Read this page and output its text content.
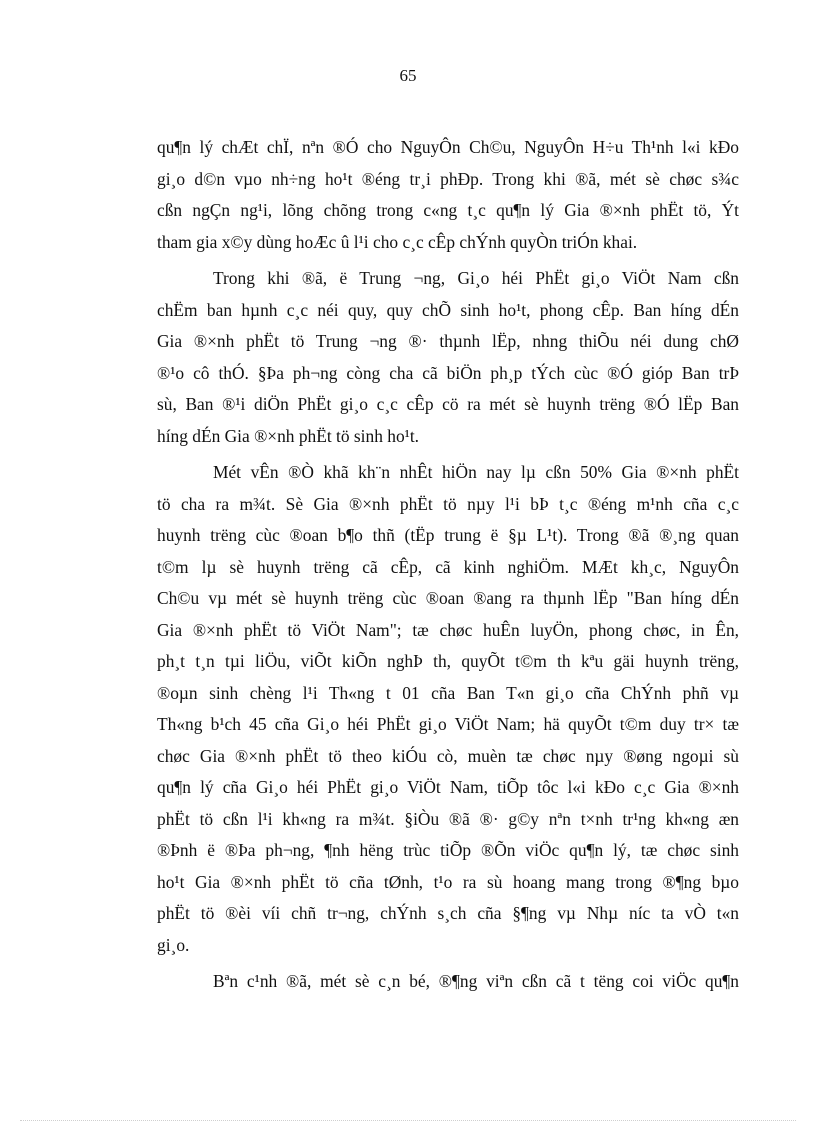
65
qu¶n lý chÆt chÏ, nªn ®Ó cho NguyÔn Ch©u, NguyÔn H÷u Th¹nh l«i kÐo
gi¸o d©n vµo nh÷ng ho¹t ®éng tr¸i phÐp. Trong khi ®ã, mét sè chøc s¾c
cßn ngÇn ng¹i, lõng chõng trong c«ng t¸c qu¶n lý Gia ®×nh phËt tö, Ýt
tham gia x©y dùng hoÆc û l¹i cho c¸c cÊp chÝnh quyÒn triÓn khai.
Trong khi ®ã, ë Trung ¬ng, Gi¸o héi PhËt gi¸o ViÖt Nam cßn
chËm ban hµnh c¸c néi quy, quy chÕ sinh ho¹t, phong cÊp. Ban híng dÉn
Gia ®×nh phËt tö Trung ¬ng ®· thµnh lËp, nhng thiÕu néi dung chØ
®¹o cô thÓ. §Þa ph¬ng còng cha cã biÖn ph¸p tÝch cùc ®Ó gióp Ban trÞ
sù, Ban ®¹i diÖn PhËt gi¸o c¸c cÊp cö ra mét sè huynh trëng ®Ó lËp Ban
híng dÉn Gia ®×nh phËt tö sinh ho¹t.
Mét vÊn ®Ò khã kh¨n nhÊt hiÖn nay lµ cßn 50% Gia ®×nh phËt
tö cha ra m¾t. Sè Gia ®×nh phËt tö nµy l¹i bÞ t¸c ®éng m¹nh cña c¸c
huynh trëng cùc ®oan b¶o thñ (tËp trung ë §µ L¹t). Trong ®ã ®¸ng quan
t©m lµ sè huynh trëng cã cÊp, cã kinh nghiÖm. MÆt kh¸c, NguyÔn
Ch©u vµ mét sè huynh trëng cùc ®oan ®ang ra thµnh lËp "Ban híng dÉn
Gia ®×nh phËt tö ViÖt Nam"; tæ chøc huÊn luyÖn, phong chøc, in Ên,
ph¸t t¸n tµi liÖu, viÕt kiÕn nghÞ th, quyÕt t©m th kªu gäi huynh trëng,
®oµn sinh chèng l¹i Th«ng t 01 cña Ban T«n gi¸o cña ChÝnh phñ vµ
Th«ng b¹ch 45 cña Gi¸o héi PhËt gi¸o ViÖt Nam; hä quyÕt t©m duy tr× tæ
chøc Gia ®×nh phËt tö theo kiÓu cò, muèn tæ chøc nµy ®øng ngoµi sù
qu¶n lý cña Gi¸o héi PhËt gi¸o ViÖt Nam, tiÕp tôc l«i kÐo c¸c Gia ®×nh
phËt tö cßn l¹i kh«ng ra m¾t. §iÒu ®ã ®· g©y nªn t×nh tr¹ng kh«ng æn
®Þnh ë ®Þa ph¬ng, ¶nh hëng trùc tiÕp ®Õn viÖc qu¶n lý, tæ chøc sinh
ho¹t Gia ®×nh phËt tö cña tØnh, t¹o ra sù hoang mang trong ®¶ng bµo
phËt tö ®èi víi chñ tr¬ng, chÝnh s¸ch cña §¶ng vµ Nhµ níc ta vÒ t«n
gi¸o.
Bªn c¹nh ®ã, mét sè c¸n bé, ®¶ng viªn cßn cã t tëng coi viÖc qu¶n
